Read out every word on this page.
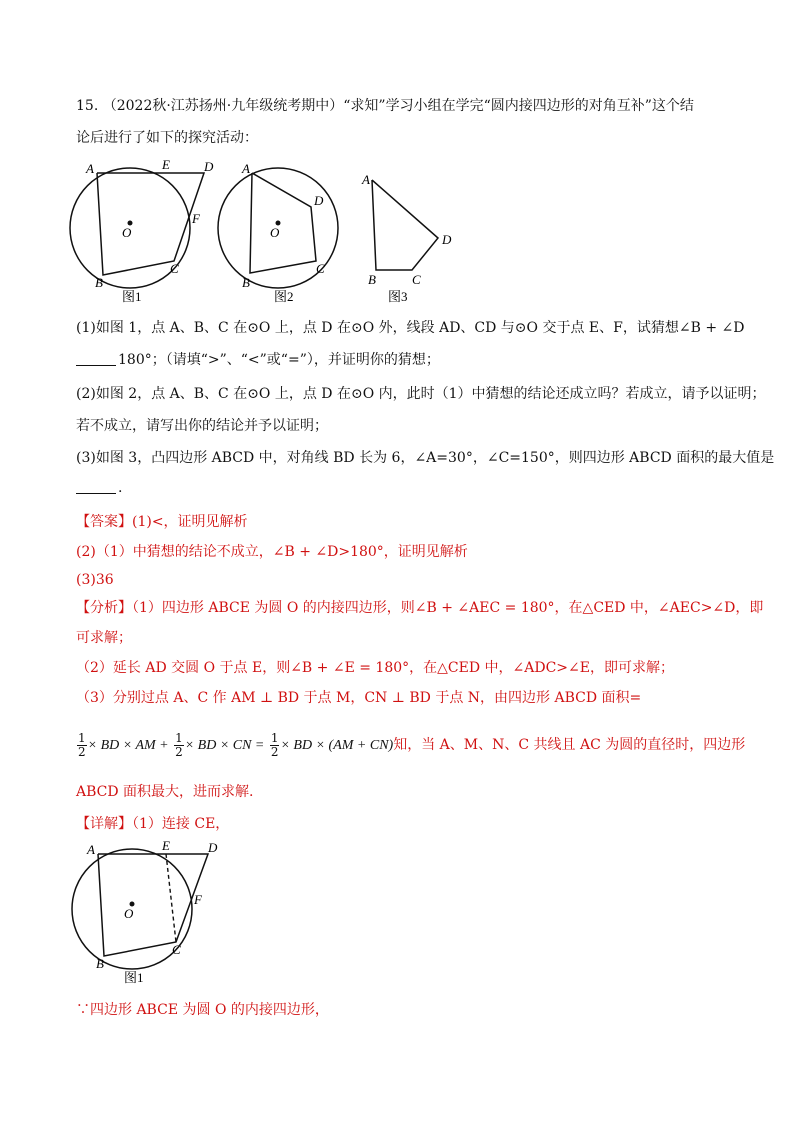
15. （2022秋·江苏扬州·九年级统考期中）“求知”学习小组在学完“圆内接四边形的对角互补”这个结
论后进行了如下的探究活动：
A	E	D
F
O
C
B
图1
A
D
O
C
B
图2
A
D
C
B
图3
(1)如图 1，点 A、B、C 在⊙O 上，点 D 在⊙O 外，线段 AD、CD 与⊙O 交于点 E、F，试猜想∠B + ∠D
180°；（请填“>”、“<”或“=”），并证明你的猜想；
(2)如图 2，点 A、B、C 在⊙O 上，点 D 在⊙O 内，此时（1）中猜想的结论还成立吗？若成立，请予以证明；
若不成立，请写出你的结论并予以证明；
(3)如图 3，凸四边形 ABCD 中，对角线 BD 长为 6，∠A=30°，∠C=150°，则四边形 ABCD 面积的最大值是
.
【答案】(1)<，证明见解析
(2)（1）中猜想的结论不成立，∠B + ∠D>180°，证明见解析
(3)36
【分析】（1）四边形 ABCE 为圆 O 的内接四边形，则∠B + ∠AEC = 180°，在△CED 中，∠AEC>∠D，即
可求解；
（2）延长 AD 交圆 O 于点 E，则∠B + ∠E = 180°，在△CED 中，∠ADC>∠E，即可求解；
（3）分别过点 A、C 作 AM ⊥ BD 于点 M，CN ⊥ BD 于点 N，由四边形 ABCD 面积=
$\frac{1}{2}$ × BD × AM + $\frac{1}{2}$ × BD × CN = $\frac{1}{2}$ × BD × (AM + CN)知，当 A、M、N、C 共线且 AC 为圆的直径时，四边形
ABCD 面积最大，进而求解.
【详解】（1）连接 CE，
A	E	D
F
O
C
B
图1
∵四边形 ABCE 为圆 O 的内接四边形，
